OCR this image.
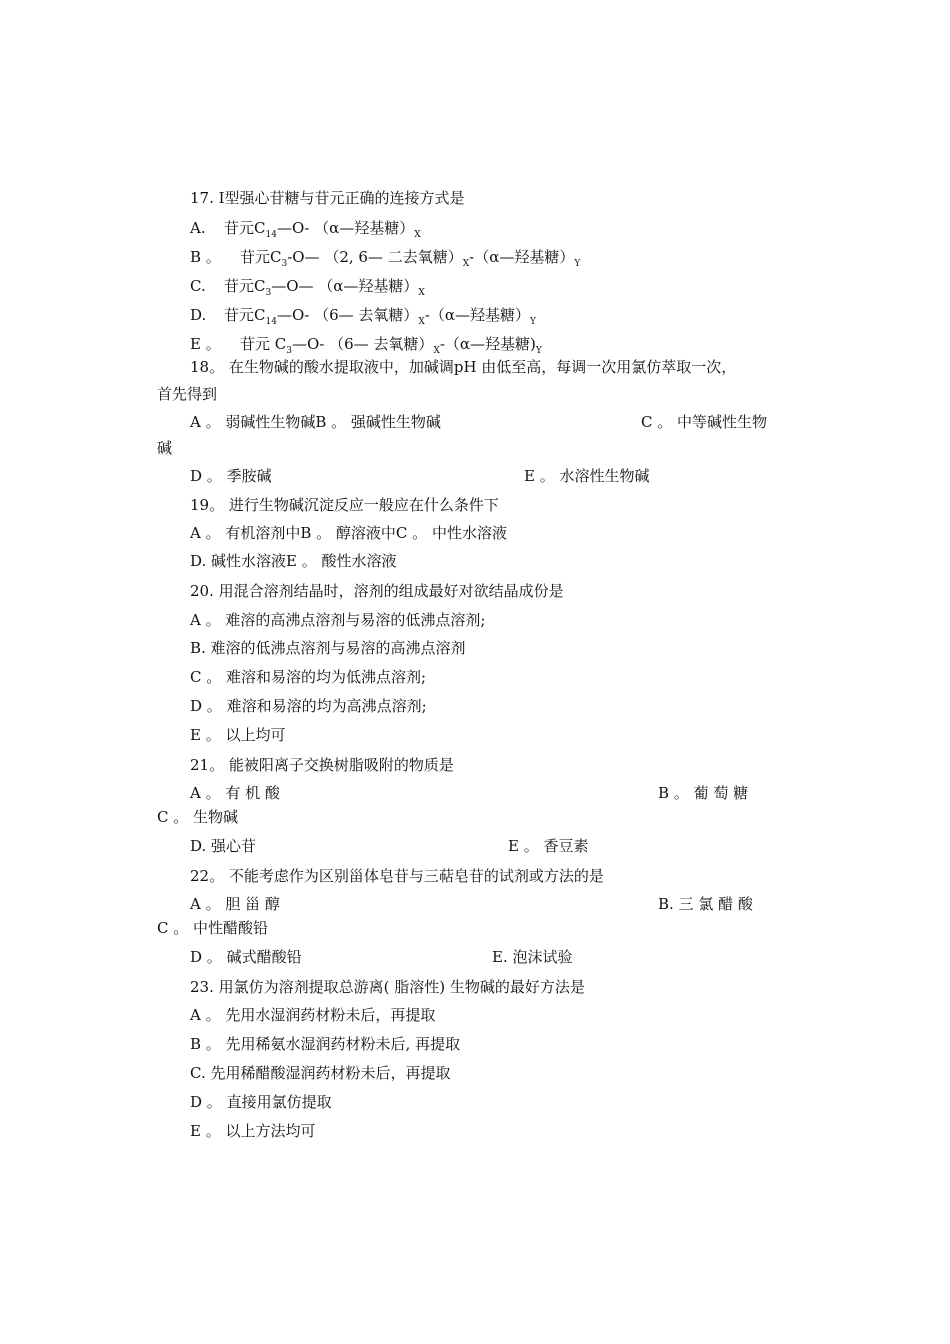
17. Ⅰ型强心苷糖与苷元正确的连接方式是
A. 苷元$C_{14}—O‑$ （α—羟基糖）$_X$
B 。 苷元$C_3‑O—$ （2, 6— 二去氧糖）$_X‑(\alpha—$羟基糖）$_Y$
C. 苷元$C_3—O—$ （α—羟基糖）$_X$
D. 苷元$C_{14}—O‑$ （6— 去氧糖）$_X‑(\alpha—$羟基糖）$_Y$
E 。 苷元 $C_3—O‑$ （6— 去氧糖）$_X‑(\alpha—$羟基糖)$_Y$
18。 在生物碱的酸水提取液中，加碱调pH 由低至高，每调一次用氯仿萃取一次，
首先得到
A 。 弱碱性生物碱B 。 强碱性生物碱	C 。 中等碱性生物
碱
D 。 季胺碱	E 。 水溶性生物碱
19。 进行生物碱沉淀反应一般应在什么条件下
A 。 有机溶剂中B 。 醇溶液中C 。 中性水溶液
D. 碱性水溶液E 。 酸性水溶液
20. 用混合溶剂结晶时，溶剂的组成最好对欲结晶成份是
A 。 难溶的高沸点溶剂与易溶的低沸点溶剂;
B. 难溶的低沸点溶剂与易溶的高沸点溶剂
C 。 难溶和易溶的均为低沸点溶剂;
D 。 难溶和易溶的均为高沸点溶剂;
E 。 以上均可
21。 能被阳离子交换树脂吸附的物质是
A 。 有 机 酸	B 。 葡 萄 糖
C 。 生物碱
D. 强心苷	E 。 香豆素
22。 不能考虑作为区别甾体皂苷与三萜皂苷的试剂或方法的是
A 。 胆 甾 醇	B. 三 氯 醋 酸
C 。 中性醋酸铅
D 。 碱式醋酸铅	E. 泡沫试验
23. 用氯仿为溶剂提取总游离( 脂溶性) 生物碱的最好方法是
A 。 先用水湿润药材粉未后，再提取
B 。 先用稀氨水湿润药材粉未后, 再提取
C. 先用稀醋酸湿润药材粉未后，再提取
D 。 直接用氯仿提取
E 。 以上方法均可
